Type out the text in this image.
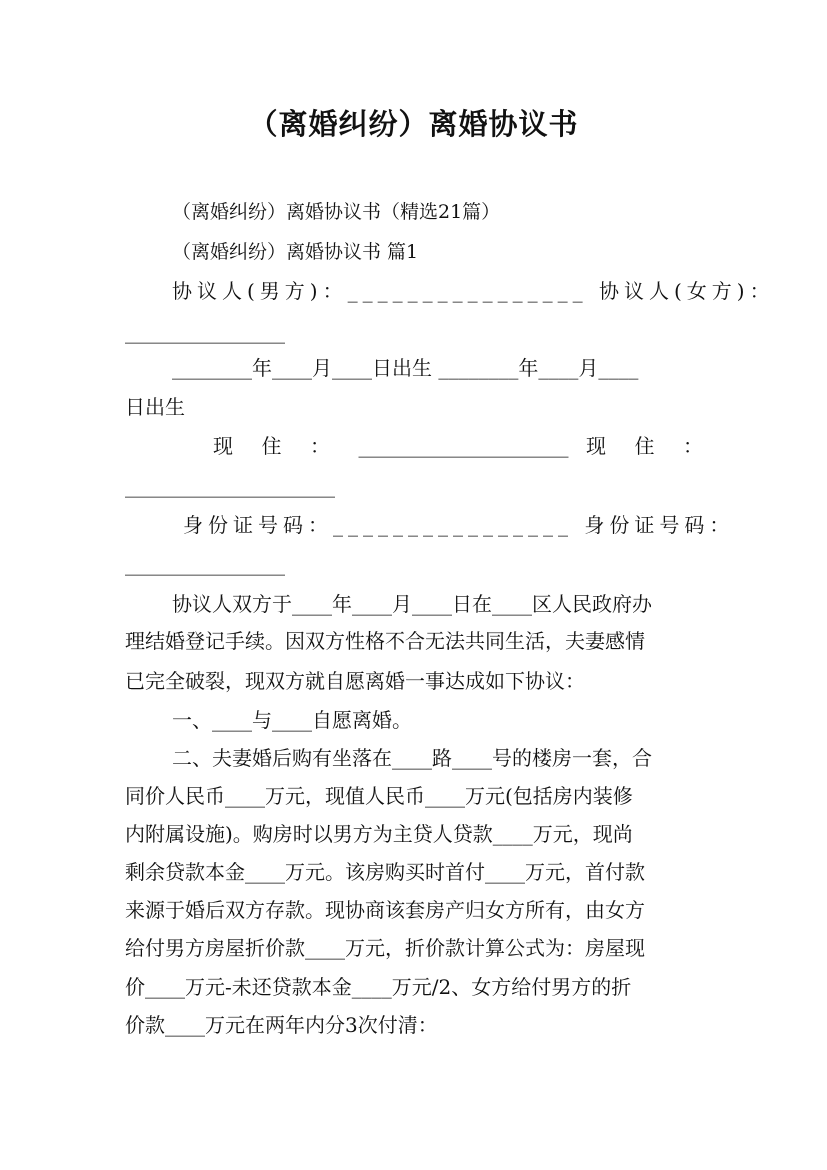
（离婚纠纷）离婚协议书
（离婚纠纷）离婚协议书（精选21篇）
（离婚纠纷）离婚协议书 篇1
协议人(男方)：________________ 协议人(女方)：
________________
________年____月____日出生 ________年____月____
日出生
现 住 ： _____________________ 现 住 ：
_____________________
身份证号码：________________ 身份证号码：
________________
协议人双方于____年____月____日在____区人民政府办
理结婚登记手续。因双方性格不合无法共同生活，夫妻感情
已完全破裂，现双方就自愿离婚一事达成如下协议：
一、____与____自愿离婚。
二、夫妻婚后购有坐落在____路____号的楼房一套，合
同价人民币____万元，现值人民币____万元(包括房内装修
内附属设施)。购房时以男方为主贷人贷款____万元，现尚
剩余贷款本金____万元。该房购买时首付____万元，首付款
来源于婚后双方存款。现协商该套房产归女方所有，由女方
给付男方房屋折价款____万元，折价款计算公式为：房屋现
价____万元-未还贷款本金____万元/2、女方给付男方的折
价款____万元在两年内分3次付清：
